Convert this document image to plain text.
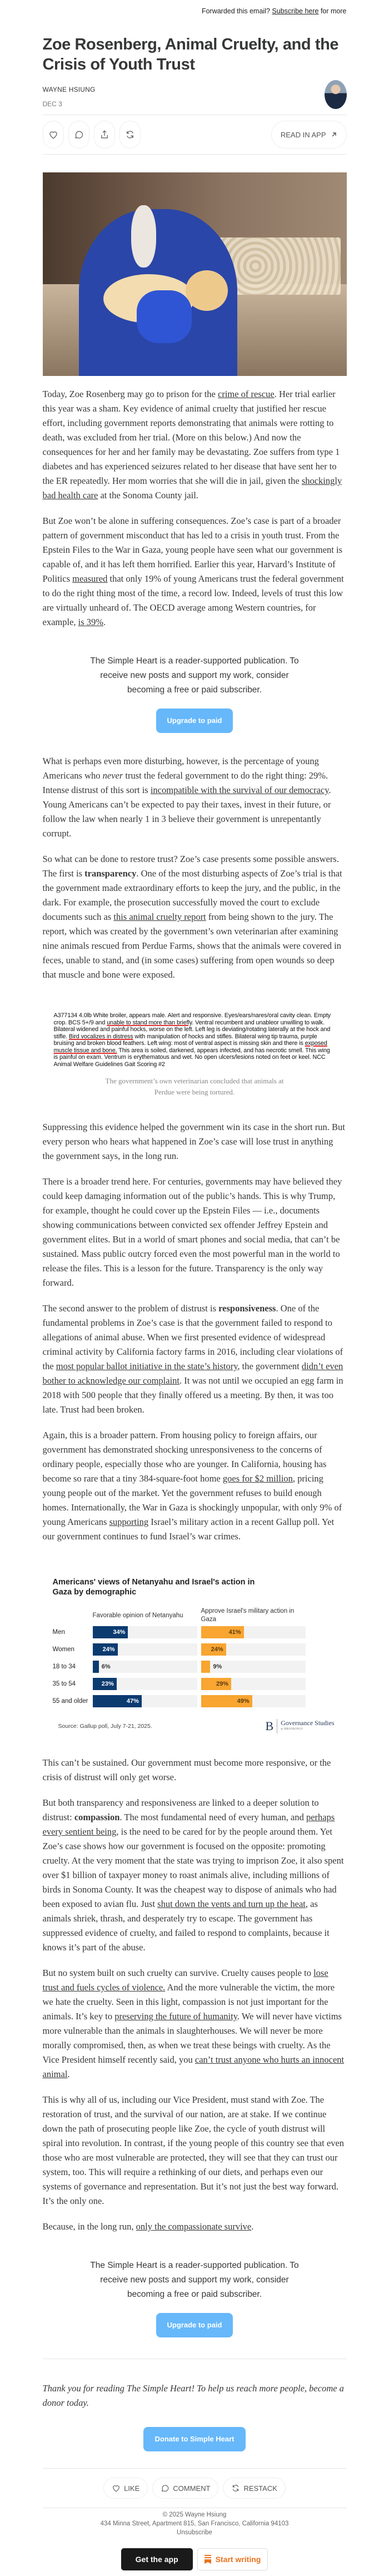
Forwarded this email? Subscribe here for more
Zoe Rosenberg, Animal Cruelty, and the Crisis of Youth Trust
WAYNE HSIUNG
DEC 3
READ IN APP

Today, Zoe Rosenberg may go to prison for the crime of rescue. Her trial earlier this year was a sham. Key evidence of animal cruelty that justified her rescue effort, including government reports demonstrating that animals were rotting to death, was excluded from her trial. (More on this below.) And now the consequences for her and her family may be devastating. Zoe suffers from type 1 diabetes and has experienced seizures related to her disease that have sent her to the ER repeatedly. Her mom worries that she will die in jail, given the shockingly bad health care at the Sonoma County jail.

But Zoe won’t be alone in suffering consequences. Zoe’s case is part of a broader pattern of government misconduct that has led to a crisis in youth trust. From the Epstein Files to the War in Gaza, young people have seen what our government is capable of, and it has left them horrified. Earlier this year, Harvard’s Institute of Politics measured that only 19% of young Americans trust the federal government to do the right thing most of the time, a record low. Indeed, levels of trust this low are virtually unheard of. The OECD average among Western countries, for example, is 39%.

The Simple Heart is a reader-supported publication. To receive new posts and support my work, consider becoming a free or paid subscriber.
Upgrade to paid

What is perhaps even more disturbing, however, is the percentage of young Americans who never trust the federal government to do the right thing: 29%. Intense distrust of this sort is incompatible with the survival of our democracy. Young Americans can’t be expected to pay their taxes, invest in their future, or follow the law when nearly 1 in 3 believe their government is unrepentantly corrupt.

So what can be done to restore trust? Zoe’s case presents some possible answers. The first is transparency. One of the most disturbing aspects of Zoe’s trial is that the government made extraordinary efforts to keep the jury, and the public, in the dark. For example, the prosecution successfully moved the court to exclude documents such as this animal cruelty report from being shown to the jury. The report, which was created by the government’s own veterinarian after examining nine animals rescued from Perdue Farms, shows that the animals were covered in feces, unable to stand, and (in some cases) suffering from open wounds so deep that muscle and bone were exposed.

A377134 4.0lb White broiler, appears male. Alert and responsive. Eyes/ears/nares/oral cavity clean. Empty crop. BCS 5+/9 and unable to stand more than briefly. Ventral recumbent and unableor unwilling to walk. Bilateral widened and painful hocks, worse on the left. Left leg is deviating/rotating laterally at the hock and stifle. Bird vocalizes in distress with manipulation of hocks and stifles. Bilateral wing tip trauma, purple bruising and broken blood feathers. Left wing: most of ventral aspect is missing skin and there is exposed muscle tissue and bone. This area is soiled, darkened, appears infected, and has necrotic smell. This wing is painful on exam. Ventrum is erythematous and wet. No open ulcers/lesions noted on feet or keel. NCC Animal Welfare Guidelines Gait Scoring #2
The government’s own veterinarian concluded that animals at Perdue were being tortured.

Suppressing this evidence helped the government win its case in the short run. But every person who hears what happened in Zoe’s case will lose trust in anything the government says, in the long run.

There is a broader trend here. For centuries, governments may have believed they could keep damaging information out of the public’s hands. This is why Trump, for example, thought he could cover up the Epstein Files — i.e., documents showing communications between convicted sex offender Jeffrey Epstein and government elites. But in a world of smart phones and social media, that can’t be sustained. Mass public outcry forced even the most powerful man in the world to release the files. This is a lesson for the future. Transparency is the only way forward.

The second answer to the problem of distrust is responsiveness. One of the fundamental problems in Zoe’s case is that the government failed to respond to allegations of animal abuse. When we first presented evidence of widespread criminal activity by California factory farms in 2016, including clear violations of the most popular ballot initiative in the state’s history, the government didn’t even bother to acknowledge our complaint. It was not until we occupied an egg farm in 2018 with 500 people that they finally offered us a meeting. By then, it was too late. Trust had been broken.

Again, this is a broader pattern. From housing policy to foreign affairs, our government has demonstrated shocking unresponsiveness to the concerns of ordinary people, especially those who are younger. In California, housing has become so rare that a tiny 384-square-foot home goes for $2 million, pricing young people out of the market. Yet the government refuses to build enough homes. Internationally, the War in Gaza is shockingly unpopular, with only 9% of young Americans supporting Israel’s military action in a recent Gallup poll. Yet our government continues to fund Israel’s war crimes.

Americans' views of Netanyahu and Israel's action in Gaza by demographic
Favorable opinion of Netanyahu
Approve Israel's military action in Gaza
Men	34%	41%
Women	24%	24%
18 to 34	6%	9%
35 to 54	23%	29%
55 and older	47%	49%
Source: Gallup poll, July 7-21, 2025.	B	Governance Studies
at BROOKINGS

This can’t be sustained. Our government must become more responsive, or the crisis of distrust will only get worse.

But both transparency and responsiveness are linked to a deeper solution to distrust: compassion. The most fundamental need of every human, and perhaps every sentient being, is the need to be cared for by the people around them. Yet Zoe’s case shows how our government is focused on the opposite: promoting cruelty. At the very moment that the state was trying to imprison Zoe, it also spent over $1 billion of taxpayer money to roast animals alive, including millions of birds in Sonoma County. It was the cheapest way to dispose of animals who had been exposed to avian flu. Just shut down the vents and turn up the heat, as animals shriek, thrash, and desperately try to escape. The government has suppressed evidence of cruelty, and failed to respond to complaints, because it knows it’s part of the abuse.

But no system built on such cruelty can survive. Cruelty causes people to lose trust and fuels cycles of violence. And the more vulnerable the victim, the more we hate the cruelty. Seen in this light, compassion is not just important for the animals. It’s key to preserving the future of humanity. We will never have victims more vulnerable than the animals in slaughterhouses. We will never be more morally compromised, then, as when we treat these beings with cruelty. As the Vice President himself recently said, you can’t trust anyone who hurts an innocent animal.

This is why all of us, including our Vice President, must stand with Zoe. The restoration of trust, and the survival of our nation, are at stake. If we continue down the path of prosecuting people like Zoe, the cycle of youth distrust will spiral into revolution. In contrast, if the young people of this country see that even those who are most vulnerable are protected, they will see that they can trust our system, too. This will require a rethinking of our diets, and perhaps even our systems of governance and representation. But it’s not just the best way forward. It’s the only one.

Because, in the long run, only the compassionate survive.

The Simple Heart is a reader-supported publication. To receive new posts and support my work, consider becoming a free or paid subscriber.
Upgrade to paid
Thank you for reading The Simple Heart! To help us reach more people, become a donor today.
Donate to Simple Heart
LIKE	COMMENT	RESTACK
© 2025 Wayne Hsiung
434 Minna Street, Apartment 815, San Francisco, California 94103
Unsubscribe
Get the app	Start writing
